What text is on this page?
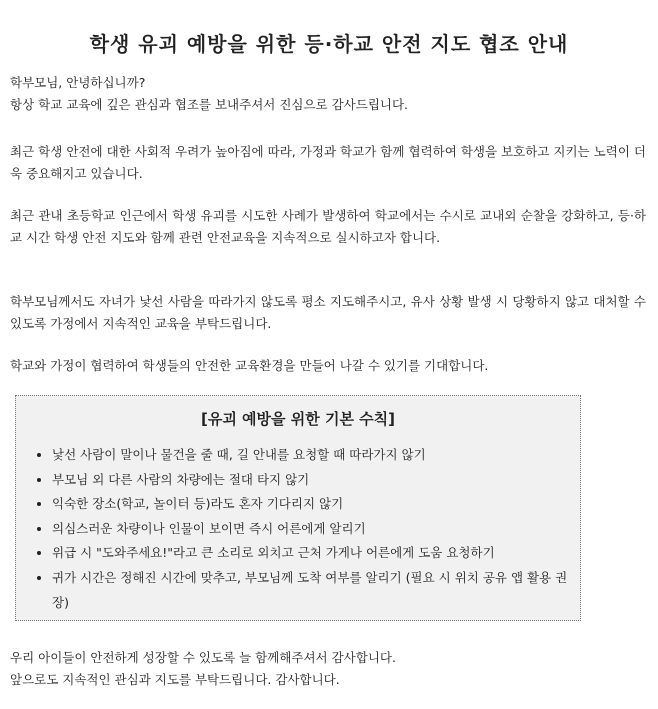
학생 유괴 예방을 위한 등·하교 안전 지도 협조 안내

학부모님, 안녕하십니까?
항상 학교 교육에 깊은 관심과 협조를 보내주셔서 진심으로 감사드립니다.

최근 학생 안전에 대한 사회적 우려가 높아짐에 따라, 가정과 학교가 함께 협력하여 학생을 보호하고 지키는 노력이 더욱 중요해지고 있습니다.

최근 관내 초등학교 인근에서 학생 유괴를 시도한 사례가 발생하여 학교에서는 수시로 교내외 순찰을 강화하고, 등·하교 시간 학생 안전 지도와 함께 관련 안전교육을 지속적으로 실시하고자 합니다.

학부모님께서도 자녀가 낯선 사람을 따라가지 않도록 평소 지도해주시고, 유사 상황 발생 시 당황하지 않고 대처할 수 있도록 가정에서 지속적인 교육을 부탁드립니다.

학교와 가정이 협력하여 학생들의 안전한 교육환경을 만들어 나갈 수 있기를 기대합니다.

[유괴 예방을 위한 기본 수칙]
• 낯선 사람이 말이나 물건을 줄 때, 길 안내를 요청할 때 따라가지 않기
• 부모님 외 다른 사람의 차량에는 절대 타지 않기
• 익숙한 장소(학교, 놀이터 등)라도 혼자 기다리지 않기
• 의심스러운 차량이나 인물이 보이면 즉시 어른에게 알리기
• 위급 시 "도와주세요!"라고 큰 소리로 외치고 근처 가게나 어른에게 도움 요청하기
• 귀가 시간은 정해진 시간에 맞추고, 부모님께 도착 여부를 알리기 (필요 시 위치 공유 앱 활용 권장)

우리 아이들이 안전하게 성장할 수 있도록 늘 함께해주셔서 감사합니다.
앞으로도 지속적인 관심과 지도를 부탁드립니다. 감사합니다.
